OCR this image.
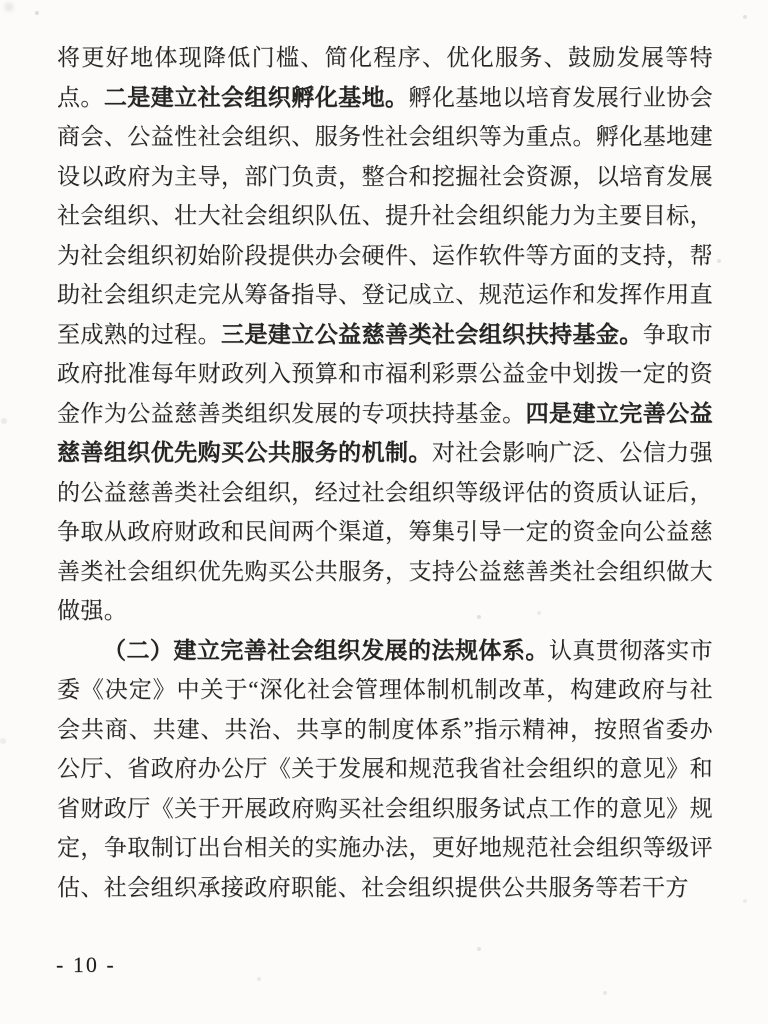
将更好地体现降低门槛、简化程序、优化服务、鼓励发展等特点。二是建立社会组织孵化基地。孵化基地以培育发展行业协会商会、公益性社会组织、服务性社会组织等为重点。孵化基地建设以政府为主导，部门负责，整合和挖掘社会资源，以培育发展社会组织、壮大社会组织队伍、提升社会组织能力为主要目标，为社会组织初始阶段提供办会硬件、运作软件等方面的支持，帮助社会组织走完从筹备指导、登记成立、规范运作和发挥作用直至成熟的过程。三是建立公益慈善类社会组织扶持基金。争取市政府批准每年财政列入预算和市福利彩票公益金中划拨一定的资金作为公益慈善类组织发展的专项扶持基金。四是建立完善公益慈善组织优先购买公共服务的机制。对社会影响广泛、公信力强的公益慈善类社会组织，经过社会组织等级评估的资质认证后，争取从政府财政和民间两个渠道，筹集引导一定的资金向公益慈善类社会组织优先购买公共服务，支持公益慈善类社会组织做大做强。

（二）建立完善社会组织发展的法规体系。认真贯彻落实市委《决定》中关于“深化社会管理体制机制改革，构建政府与社会共商、共建、共治、共享的制度体系”指示精神，按照省委办公厅、省政府办公厅《关于发展和规范我省社会组织的意见》和省财政厅《关于开展政府购买社会组织服务试点工作的意见》规定，争取制订出台相关的实施办法，更好地规范社会组织等级评估、社会组织承接政府职能、社会组织提供公共服务等若干方

- 10 -
